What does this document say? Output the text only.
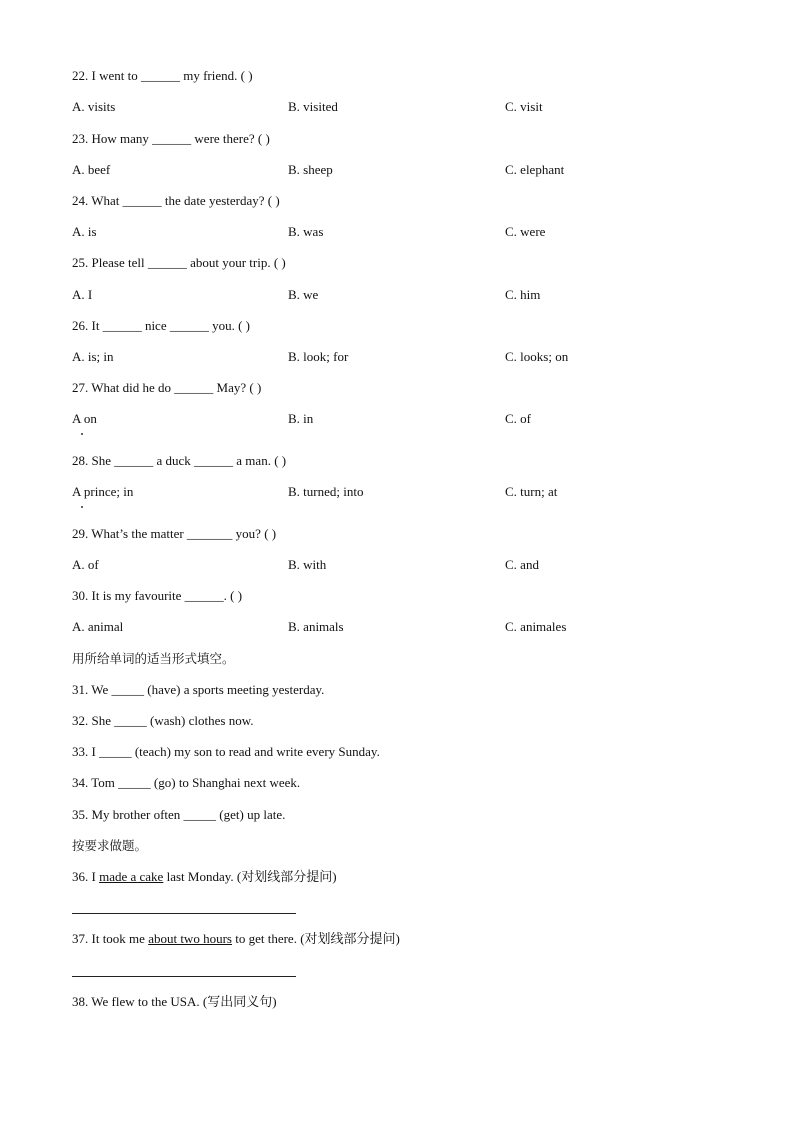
22. I went to ______ my friend. ( )
A. visits	B. visited	C. visit
23. How many ______ were there? ( )
A. beef	B. sheep	C. elephant
24. What ______ the date yesterday? ( )
A. is	B. was	C. were
25. Please tell ______ about your trip. ( )
A. I	B. we	C. him
26. It ______ nice ______ you. ( )
A. is; in	B. look; for	C. looks; on
27. What did he do ______ May? ( )
A on	B. in	C. of
28. She ______ a duck ______ a man. ( )
A prince; in	B. turned; into	C. turn; at
29. What’s the matter _______ you? ( )
A. of	B. with	C. and
30. It is my favourite ______. ( )
A. animal	B. animals	C. animales
用所给单词的适当形式填空。
31. We _____ (have) a sports meeting yesterday.
32. She _____ (wash) clothes now.
33. I _____ (teach) my son to read and write every Sunday.
34. Tom _____ (go) to Shanghai next week.
35. My brother often _____ (get) up late.
按要求做题。
36. I made a cake last Monday. (对划线部分提问)
37. It took me about two hours to get there. (对划线部分提问)
38. We flew to the USA. (写出同义句)
